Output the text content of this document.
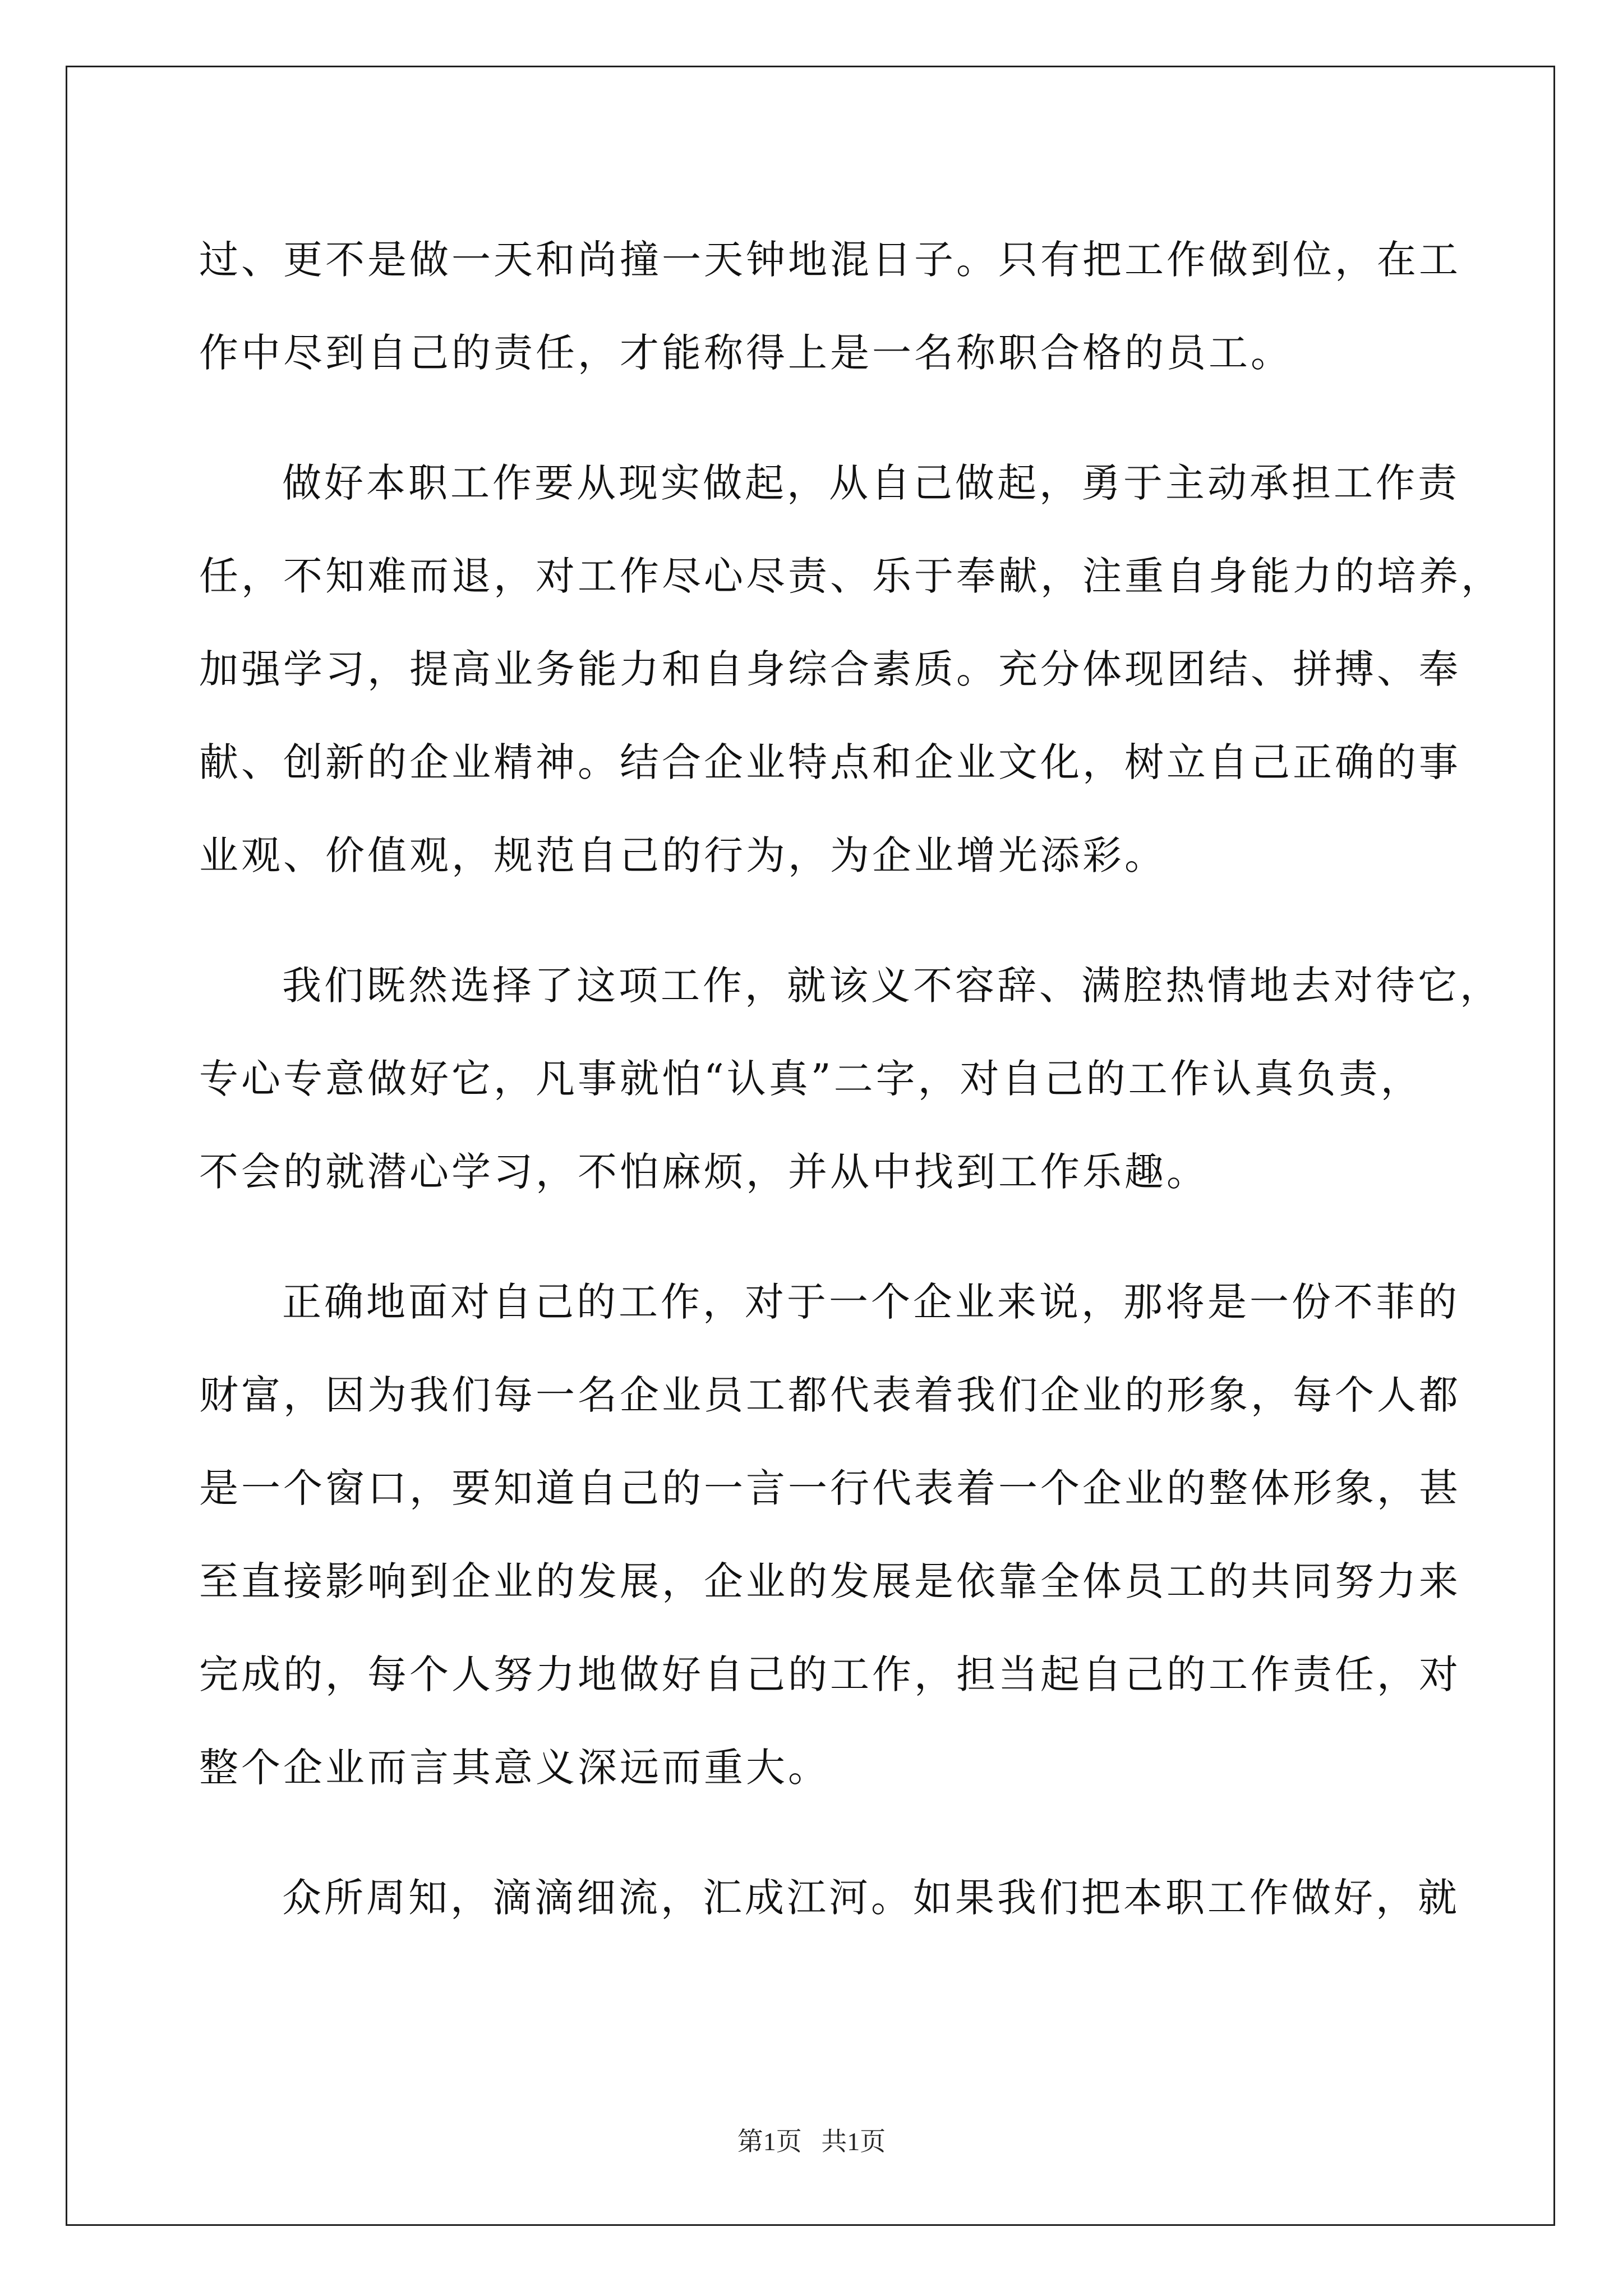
过、更不是做一天和尚撞一天钟地混日子。只有把工作做到位，在工
作中尽到自己的责任，才能称得上是一名称职合格的员工。
做好本职工作要从现实做起，从自己做起，勇于主动承担工作责
任，不知难而退，对工作尽心尽责、乐于奉献，注重自身能力的培养，
加强学习，提高业务能力和自身综合素质。充分体现团结、拼搏、奉
献、创新的企业精神。结合企业特点和企业文化，树立自己正确的事
业观、价值观，规范自己的行为，为企业增光添彩。
我们既然选择了这项工作，就该义不容辞、满腔热情地去对待它，
专心专意做好它，凡事就怕“认真”二字，对自己的工作认真负责，
不会的就潜心学习，不怕麻烦，并从中找到工作乐趣。
正确地面对自己的工作，对于一个企业来说，那将是一份不菲的
财富，因为我们每一名企业员工都代表着我们企业的形象，每个人都
是一个窗口，要知道自己的一言一行代表着一个企业的整体形象，甚
至直接影响到企业的发展，企业的发展是依靠全体员工的共同努力来
完成的，每个人努力地做好自己的工作，担当起自己的工作责任，对
整个企业而言其意义深远而重大。
众所周知，滴滴细流，汇成江河。如果我们把本职工作做好，就
第1页   共1页
